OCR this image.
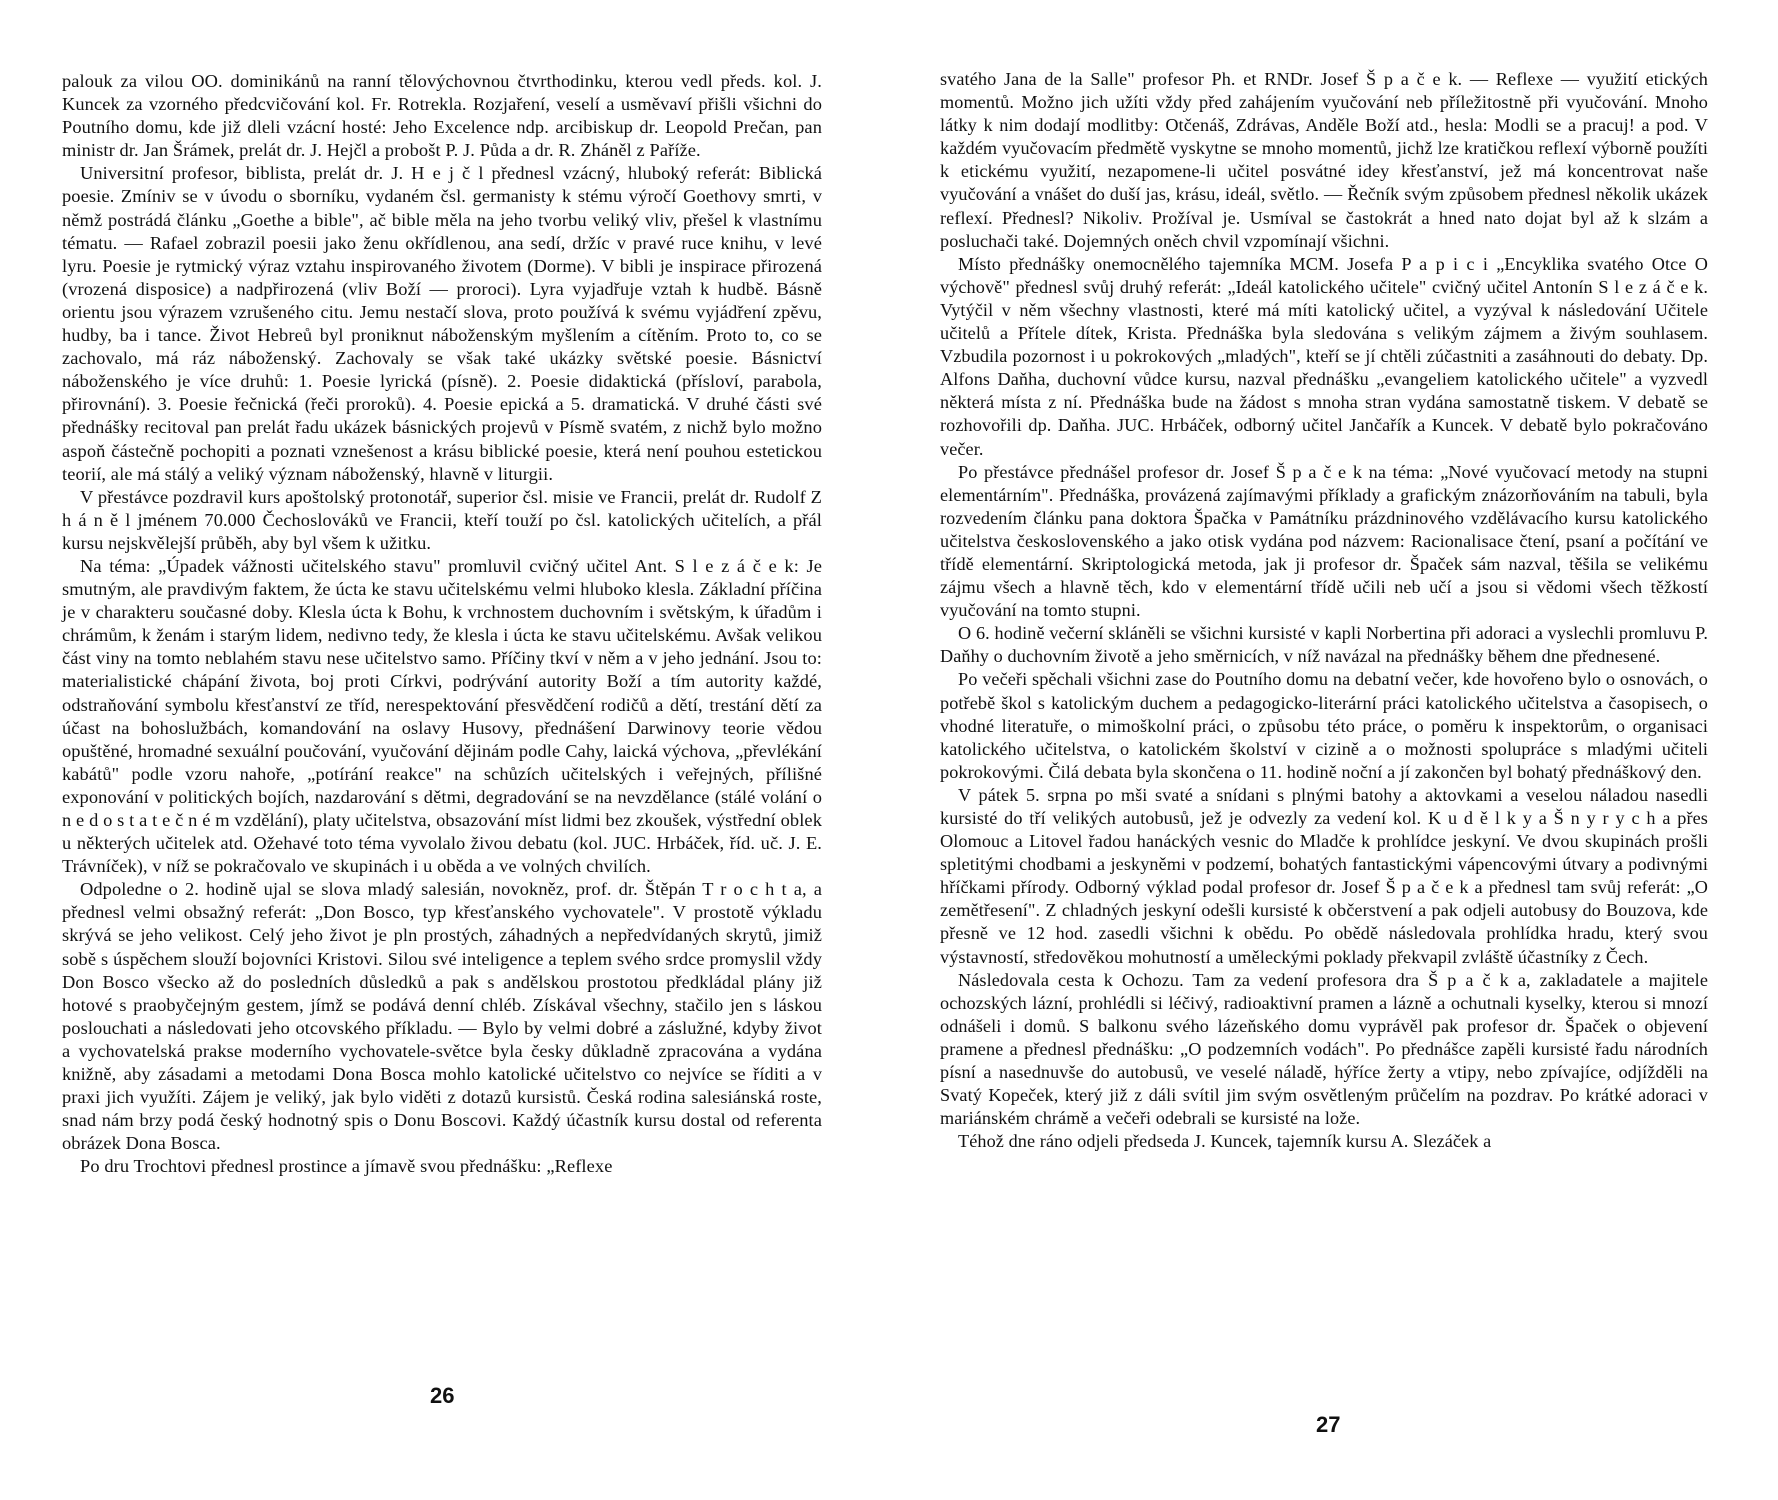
palouk za vilou OO. dominikánů na ranní tělovýchovnou čtvrthodinku, kterou vedl předs. kol. J. Kuncek za vzorného předcvičování kol. Fr. Rotrekla. Rozjaření, veselí a usměvaví přišli všichni do Poutního domu, kde již dleli vzácní hosté: Jeho Excelence ndp. arcibiskup dr. Leopold Prečan, pan ministr dr. Jan Šrámek, prelát dr. J. Hejčl a probošt P. J. Půda a dr. R. Zháněl z Paříže.

Universitní profesor, biblista, prelát dr. J. H e j č l přednesl vzácný, hluboký referát: Biblická poesie. Zmíniv se v úvodu o sborníku, vydaném čsl. germanisty k stému výročí Goethovy smrti, v němž postrádá článku „Goethe a bible", ač bible měla na jeho tvorbu veliký vliv, přešel k vlastnímu tématu. — Rafael zobrazil poesii jako ženu okřídlenou, ana sedí, držíc v pravé ruce knihu, v levé lyru. Poesie je rytmický výraz vztahu inspirovaného životem (Dorme). V bibli je inspirace přirozená (vrozená disposice) a nadpřirozená (vliv Boží — proroci). Lyra vyjadřuje vztah k hudbě. Básně orientu jsou výrazem vzrušeného citu. Jemu nestačí slova, proto používá k svému vyjádření zpěvu, hudby, ba i tance. Život Hebreů byl proniknut náboženským myšlením a cítěním. Proto to, co se zachovalo, má ráz náboženský. Zachovaly se však také ukázky světské poesie. Básnictví náboženského je více druhů: 1. Poesie lyrická (písně). 2. Poesie didaktická (přísloví, parabola, přirovnání). 3. Poesie řečnická (řeči proroků). 4. Poesie epická a 5. dramatická. V druhé části své přednášky recitoval pan prelát řadu ukázek básnických projevů v Písmě svatém, z nichž bylo možno aspoň částečně pochopiti a poznati vznešenost a krásu biblické poesie, která není pouhou estetickou teorií, ale má stálý a veliký význam náboženský, hlavně v liturgii.

V přestávce pozdravil kurs apoštolský protonotář, superior čsl. misie ve Francii, prelát dr. Rudolf Z h á n ě l jménem 70.000 Čechoslováků ve Francii, kteří touží po čsl. katolických učitelích, a přál kursu nejskvělejší průběh, aby byl všem k užitku.

Na téma: „Úpadek vážnosti učitelského stavu" promluvil cvičný učitel Ant. S l e z á č e k: Je smutným, ale pravdivým faktem, že úcta ke stavu učitelskému velmi hluboko klesla. Základní příčina je v charakteru současné doby. Klesla úcta k Bohu, k vrchnostem duchovním i světským, k úřadům i chrámům, k ženám i starým lidem, nedivno tedy, že klesla i úcta ke stavu učitelskému. Avšak velikou část viny na tomto neblahém stavu nese učitelstvo samo. Příčiny tkví v něm a v jeho jednání. Jsou to: materialistické chápání života, boj proti Církvi, podrývání autority Boží a tím autority každé, odstraňování symbolu křesťanství ze tříd, nerespektování přesvědčení rodičů a dětí, trestání dětí za účast na bohoslužbách, komandování na oslavy Husovy, přednášení Darwinovy teorie vědou opuštěné, hromadné sexuální poučování, vyučování dějinám podle Cahy, laická výchova, „převlékání kabátů" podle vzoru nahoře, „potírání reakce" na schůzích učitelských i veřejných, přílišné exponování v politických bojích, nazdarování s dětmi, degradování se na nevzdělance (stálé volání o n e d o s t a t e č n é m vzdělání), platy učitelstva, obsazování míst lidmi bez zkoušek, výstřední oblek u některých učitelek atd. Ožehavé toto téma vyvolalo živou debatu (kol. JUC. Hrbáček, říd. uč. J. E. Trávníček), v níž se pokračovalo ve skupinách i u oběda a ve volných chvilích.

Odpoledne o 2. hodině ujal se slova mladý salesián, novokněz, prof. dr. Štěpán T r o c h t a, a přednesl velmi obsažný referát: „Don Bosco, typ křesťanského vychovatele". V prostotě výkladu skrývá se jeho velikost. Celý jeho život je pln prostých, záhadných a nepředvídaných skrytů, jimiž sobě s úspěchem slouží bojovníci Kristovi. Silou své inteligence a teplem svého srdce promyslil vždy Don Bosco všecko až do posledních důsledků a pak s andělskou prostotou předkládal plány již hotové s praobyčejným gestem, jímž se podává denní chléb. Získával všechny, stačilo jen s láskou poslouchati a následovati jeho otcovského příkladu. — Bylo by velmi dobré a záslužné, kdyby život a vychovatelská prakse moderního vychovatele-světce byla česky důkladně zpracována a vydána knižně, aby zásadami a metodami Dona Bosca mohlo katolické učitelstvo co nejvíce se říditi a v praxi jich využíti. Zájem je veliký, jak bylo viděti z dotazů kursistů. Česká rodina salesiánská roste, snad nám brzy podá český hodnotný spis o Donu Boscovi. Každý účastník kursu dostal od referenta obrázek Dona Bosca.

Po dru Trochtovi přednesl prostince a jímavě svou přednášku: „Reflexe

26

svatého Jana de la Salle" profesor Ph. et RNDr. Josef Š p a č e k. — Reflexe — využití etických momentů. Možno jich užíti vždy před zahájením vyučování neb příležitostně při vyučování. Mnoho látky k nim dodají modlitby: Otčenáš, Zdrávas, Anděle Boží atd., hesla: Modli se a pracuj! a pod. V každém vyučovacím předmětě vyskytne se mnoho momentů, jichž lze kratičkou reflexí výborně použíti k etickému využití, nezapomene-li učitel posvátné idey křesťanství, jež má koncentrovat naše vyučování a vnášet do duší jas, krásu, ideál, světlo. — Řečník svým způsobem přednesl několik ukázek reflexí. Přednesl? Nikoliv. Prožíval je. Usmíval se častokrát a hned nato dojat byl až k slzám a posluchači také. Dojemných oněch chvil vzpomínají všichni.

Místo přednášky onemocnělého tajemníka MCM. Josefa P a p i c i „Encyklika svatého Otce O výchově" přednesl svůj druhý referát: „Ideál katolického učitele" cvičný učitel Antonín S l e z á č e k. Vytýčil v něm všechny vlastnosti, které má míti katolický učitel, a vyzýval k následování Učitele učitelů a Přítele dítek, Krista. Přednáška byla sledována s velikým zájmem a živým souhlasem. Vzbudila pozornost i u pokrokových „mladých", kteří se jí chtěli zúčastniti a zasáhnouti do debaty. Dp. Alfons Daňha, duchovní vůdce kursu, nazval přednášku „evangeliem katolického učitele" a vyzvedl některá místa z ní. Přednáška bude na žádost s mnoha stran vydána samostatně tiskem. V debatě se rozhovořili dp. Daňha. JUC. Hrbáček, odborný učitel Jančařík a Kuncek. V debatě bylo pokračováno večer.

Po přestávce přednášel profesor dr. Josef Š p a č e k na téma: „Nové vyučovací metody na stupni elementárním". Přednáška, provázená zajímavými příklady a grafickým znázorňováním na tabuli, byla rozvedením článku pana doktora Špačka v Památníku prázdninového vzdělávacího kursu katolického učitelstva československého a jako otisk vydána pod názvem: Racionalisace čtení, psaní a počítání ve třídě elementární. Skriptologická metoda, jak ji profesor dr. Špaček sám nazval, těšila se velikému zájmu všech a hlavně těch, kdo v elementární třídě učili neb učí a jsou si vědomi všech těžkostí vyučování na tomto stupni.

O 6. hodině večerní skláněli se všichni kursisté v kapli Norbertina při adoraci a vyslechli promluvu P. Daňhy o duchovním životě a jeho směrnicích, v níž navázal na přednášky během dne přednesené.

Po večeři spěchali všichni zase do Poutního domu na debatní večer, kde hovořeno bylo o osnovách, o potřebě škol s katolickým duchem a pedagogicko-literární práci katolického učitelstva a časopisech, o vhodné literatuře, o mimoškolní práci, o způsobu této práce, o poměru k inspektorům, o organisaci katolického učitelstva, o katolickém školství v cizině a o možnosti spolupráce s mladými učiteli pokrokovými. Čilá debata byla skončena o 11. hodině noční a jí zakončen byl bohatý přednáškový den.

V pátek 5. srpna po mši svaté a snídani s plnými batohy a aktovkami a veselou náladou nasedli kursisté do tří velikých autobusů, jež je odvezly za vedení kol. K u d ě l k y a Š n y r y c h a přes Olomouc a Litovel řadou hanáckých vesnic do Mladče k prohlídce jeskyní. Ve dvou skupinách prošli spletitými chodbami a jeskyněmi v podzemí, bohatých fantastickými vápencovými útvary a podivnými hříčkami přírody. Odborný výklad podal profesor dr. Josef Š p a č e k a přednesl tam svůj referát: „O zemětřesení". Z chladných jeskyní odešli kursisté k občerstvení a pak odjeli autobusy do Bouzova, kde přesně ve 12 hod. zasedli všichni k obědu. Po obědě následovala prohlídka hradu, který svou výstavností, středověkou mohutností a uměleckými poklady překvapil zvláště účastníky z Čech.

Následovala cesta k Ochozu. Tam za vedení profesora dra Š p a č k a, zakladatele a majitele ochozských lázní, prohlédli si léčivý, radioaktivní pramen a lázně a ochutnali kyselky, kterou si mnozí odnášeli i domů. S balkonu svého lázeňského domu vyprávěl pak profesor dr. Špaček o objevení pramene a přednesl přednášku: „O podzemních vodách". Po přednášce zapěli kursisté řadu národních písní a nasednuvše do autobusů, ve veselé náladě, hýříce žerty a vtipy, nebo zpívajíce, odjížděli na Svatý Kopeček, který již z dáli svítil jim svým osvětleným průčelím na pozdrav. Po krátké adoraci v mariánském chrámě a večeři odebrali se kursisté na lože.

Téhož dne ráno odjeli předseda J. Kuncek, tajemník kursu A. Slezáček a

27
